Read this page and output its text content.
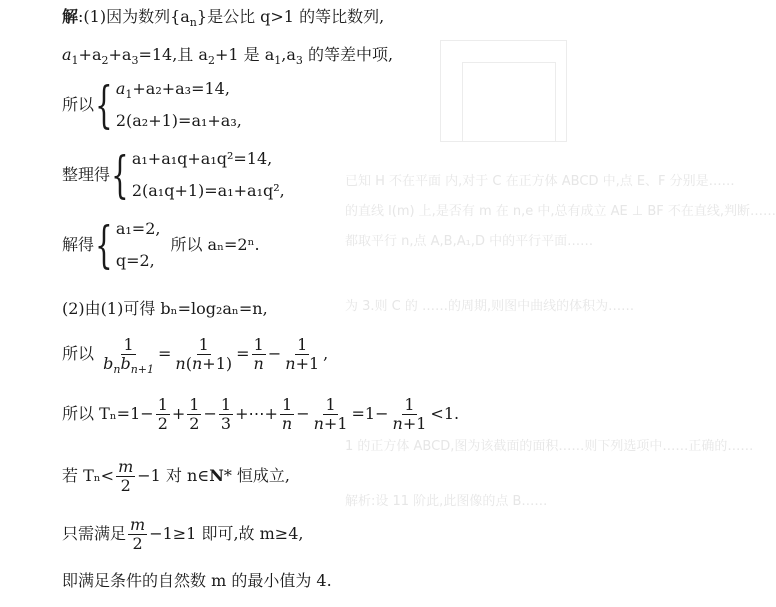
已知 H 不在平面 内,对于 C 在正方体 ABCD 中,点 E、F 分别是……
的直线 l(m) 上,是否有 m 在 n,e 中,总有成立 AE ⊥ BF 不在直线,判断……
都取平行 n,点 A,B,A₁,D 中的平行平面……
为 3.则 C 的 ……的周期,则图中曲线的体积为……
1 的正方体 ABCD,图为该截面的面积……则下列选项中……正确的……
解析:设 11 阶此,此图像的点 B……
解:(1)因为数列$\{a_n\}$是公比 q>1 的等比数列,
$a_1+a_2+a_3=14$,且 $a_2+1$ 是 $a_1,a_3$ 的等差中项,
所以 { $a_1+a_2+a_3=14$,
2(a₂+1)=a₁+a₃,
整理得 { a₁+a₁q+a₁q²=14,
2(a₁q+1)=a₁+a₁q²,
解得 { a₁=2,
q=2,
所以 aₙ=2ⁿ.
(2)由(1)可得 bₙ=log₂aₙ=n,
所以 $\frac{1}{b_nb_{n+1}} = \frac{1}{n(n+1)} = \frac{1}{n} - \frac{1}{n+1}$ ,
所以 $T_n=1- \frac{1}{2} + \frac{1}{2} - \frac{1}{3}$ +⋯+ $\frac{1}{n} - \frac{1}{n+1} =1- \frac{1}{n+1} <1$.
若 $T_n< \frac{m}{2} -1$ 对 n∈N* 恒成立,
只需满足 $\frac{m}{2} -1\ge 1$ 即可,故 m≥4,
即满足条件的自然数 m 的最小值为 4.
